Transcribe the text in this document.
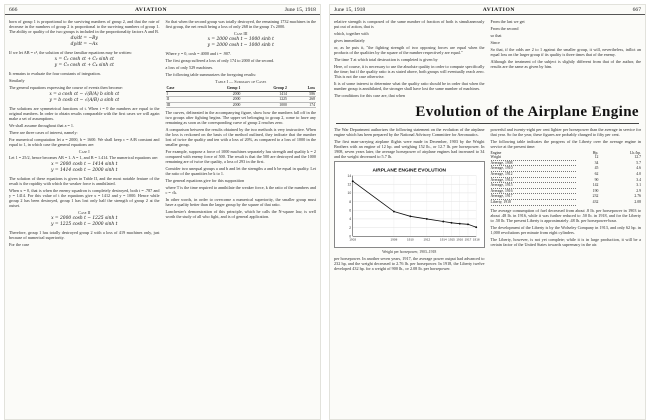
666	AVIATION	June 15, 1918

born of group 1 is proportional to the surviving numbers of group 2, and that the rate of decrease in the numbers of group 2 is proportional to the surviving numbers of group 1. The ability or quality of the two groups is included in the proportionality factors A and B.

dx/dt = −By
dy/dt = −Ax

If we let AB = c², the solution of these familiar equations may be written:

x = C₁ cosh ct + C₂ sinh ct
y = C₃ cosh ct + C₄ sinh ct

It remains to evaluate the four constants of integration.

Similarly

The general equations expressing the course of events then become:

x = a cosh ct − √(B/A) b sinh ct
y = b cosh ct − √(A/B) a sinh ct

The solutions are symmetrical functions of t. When t = 0 the numbers are equal to the original numbers. In order to obtain results comparable with the first cases we will again make a set of assumptions.

We shall assume throughout that a = 1.

There are three cases of interest, namely:

For numerical computation let a = 2000, b = 1600. We shall keep c = A/B constant and equal to 1, in which case the general equations are:

Case I

Let 1 = 25/2, hence becomes AB = 1. A = 1, and B = 1.414. The numerical equations are:

x = 2000 cosh t − 1414 sinh t
y = 1414 cosh t − 2000 sinh t

The solution of these equations is given in Table II, and the most notable feature of the result is the rapidity with which the weaker force is annihilated.

When x = 0, that is when the enemy squadron is completely destroyed, both t = .787 and y = 1414. For this value of t the equations give x = 1412 and y = 1000. Hence while group 2 has been destroyed, group 1 has lost only half the strength of group 2 at the outset.

Case II
x = 2000 cosh t − 1225 sinh t
y = 1225 cosh t − 2000 sinh t

Therefore, group 1 has totally destroyed group 2 with a loss of 419 machines only, just because of numerical superiority.

For the case

So that when the second group was totally destroyed, the remaining 1732 machines in the first group, the net result being a loss of only 268 in the group 1's 2000.

Case III
x = 2000 cosh t − 1000 sinh t
y = 2000 cosh t − 1000 sinh t

Where y = 0, cosh = 4000 and t = .907.

The first group suffered a loss of only 174 to 2000 of the second.

a loss of only 529 machines.

The following table summarizes the foregoing results:

Table I — Summary of Cases
Case	Group 1	Group 2	Loss
I	2000	1414	586
II	2000	1225	268
III	2000	1000	174

The curves, delineated in the accompanying figure, show how the numbers fall off in the two groups after fighting begins. The upper set belonging to group 2, come to have any remaining as soon as the corresponding curve of group 2 reaches zero.

A comparison between the results obtained by the two methods is very instructive. When the loss is reckoned on the basis of the method outlined, they indicate that the number lost of twice the quality and ten with a loss of 20%, as compared to a loss of 1000 in the smaller group.

For example, suppose a force of 1000 machines separately has strength and quality k = 2 compared with enemy force of 500. The result is that the 500 are destroyed and the 1000 remaining are of twice the quality, a loss of 293 in the first.

Consider two unequal groups a and b and let the strengths a and b be equal in quality. Let the ratio of the quantities be k to 1.

The general equations give for this supposition

where T is the time required to annihilate the weaker force, k the ratio of the numbers and c = √k.

In other words, in order to overcome a numerical superiority, the smaller group must have a quality better than the larger group by the square of that ratio.

Lanchester's demonstration of this principle, which he calls the N-square law, is well worth the study of all who fight, and is of general application.

June 15, 1918	AVIATION	667

relative strength is composed of the same number of fraction of both is simultaneously put out of action, that is

which, together with

gives immediately

or, as he puts it, "the fighting strength of two opposing forces are equal when the products of the qualities by the square of the number respectively are equal."

The time T at which total destruction is completed is given by

Here, of course, it is necessary to use the absolute quality in order to compute specifically the time; but if the quality ratio is as stated above, both groups will eventually reach zero. This is not the case otherwise.

It is of some interest to determine what the quality ratio should be in order that when the number group is annihilated, the stronger shall have lost the same number of machines.

The conditions for this case are, that when

From the last we get

From the second

so that

Since

So that, if the odds are 2 to 1 against the smaller group, it will, nevertheless, inflict an equal loss on the larger group if its quality is three times that of the enemy.

Although the treatment of the subject is slightly different from that of the author, the results are the same as given by him.

Evolution of the Airplane Engine

The War Department authorizes the following statement on the evolution of the airplane engine which has been prepared by the National Advisory Committee for Aeronautics.

The first man-carrying airplane flights were made in December, 1903 by the Wright Brothers with an engine of 12 hp. and weighing 152 lb., or 12.7 lb. per horsepower. In 1908, seven years later, the average horsepower of airplane engines had increased to 34 and the weight decreased to 5.7 lb.

AIRPLANE ENGINE EVOLUTION
0
2
4
6
8
10
12
14
1903	1908	1910	1912	1914 1915 1916 1917 1918
Weight per horsepower, 1903–1918

per horsepower. In another seven years, 1917, the average power output had advanced to 232 hp, and the weight decreased to 2.76 lb. per horsepower. In 1918, the Liberty twelve developed 432 hp. for a weight of 900 lb., or 2.08 lb. per horsepower.

powerful and twenty-eight per cent lighter per horsepower than the average in service for that year. So far the year, these figures are probably changed to fifty per cent.

The following table indicates the progress of the Liberty over the average engine in service at the present time:

Engine	Hp.	Lb./hp.
Wright	12	12.7
Average, 1908	34	5.7
Average, 1910	45	4.6
Average, 1912	62	4.0
Average, 1914	90	3.4
Average, 1915	142	3.1
Average, 1916	190	2.9
Average, 1917	232	2.76
Liberty, 1918	432	2.08

The average consumption of fuel decreased from about .8 lb. per horsepower in 1903 to about .48 lb. in 1916, while it was further reduced to .50 lb. in 1918, and for the Liberty to .50 lb. The present Liberty is approximately .48 lb. per horsepower-hour.

The development of the Liberty is by the Wolseley Company in 1913, and only 62 hp. in 1,000 revolutions per minute from eight cylinders.

The Liberty, however, is not yet complete; while it is in large production, it will be a certain factor of the United States towards supremacy in the air.
